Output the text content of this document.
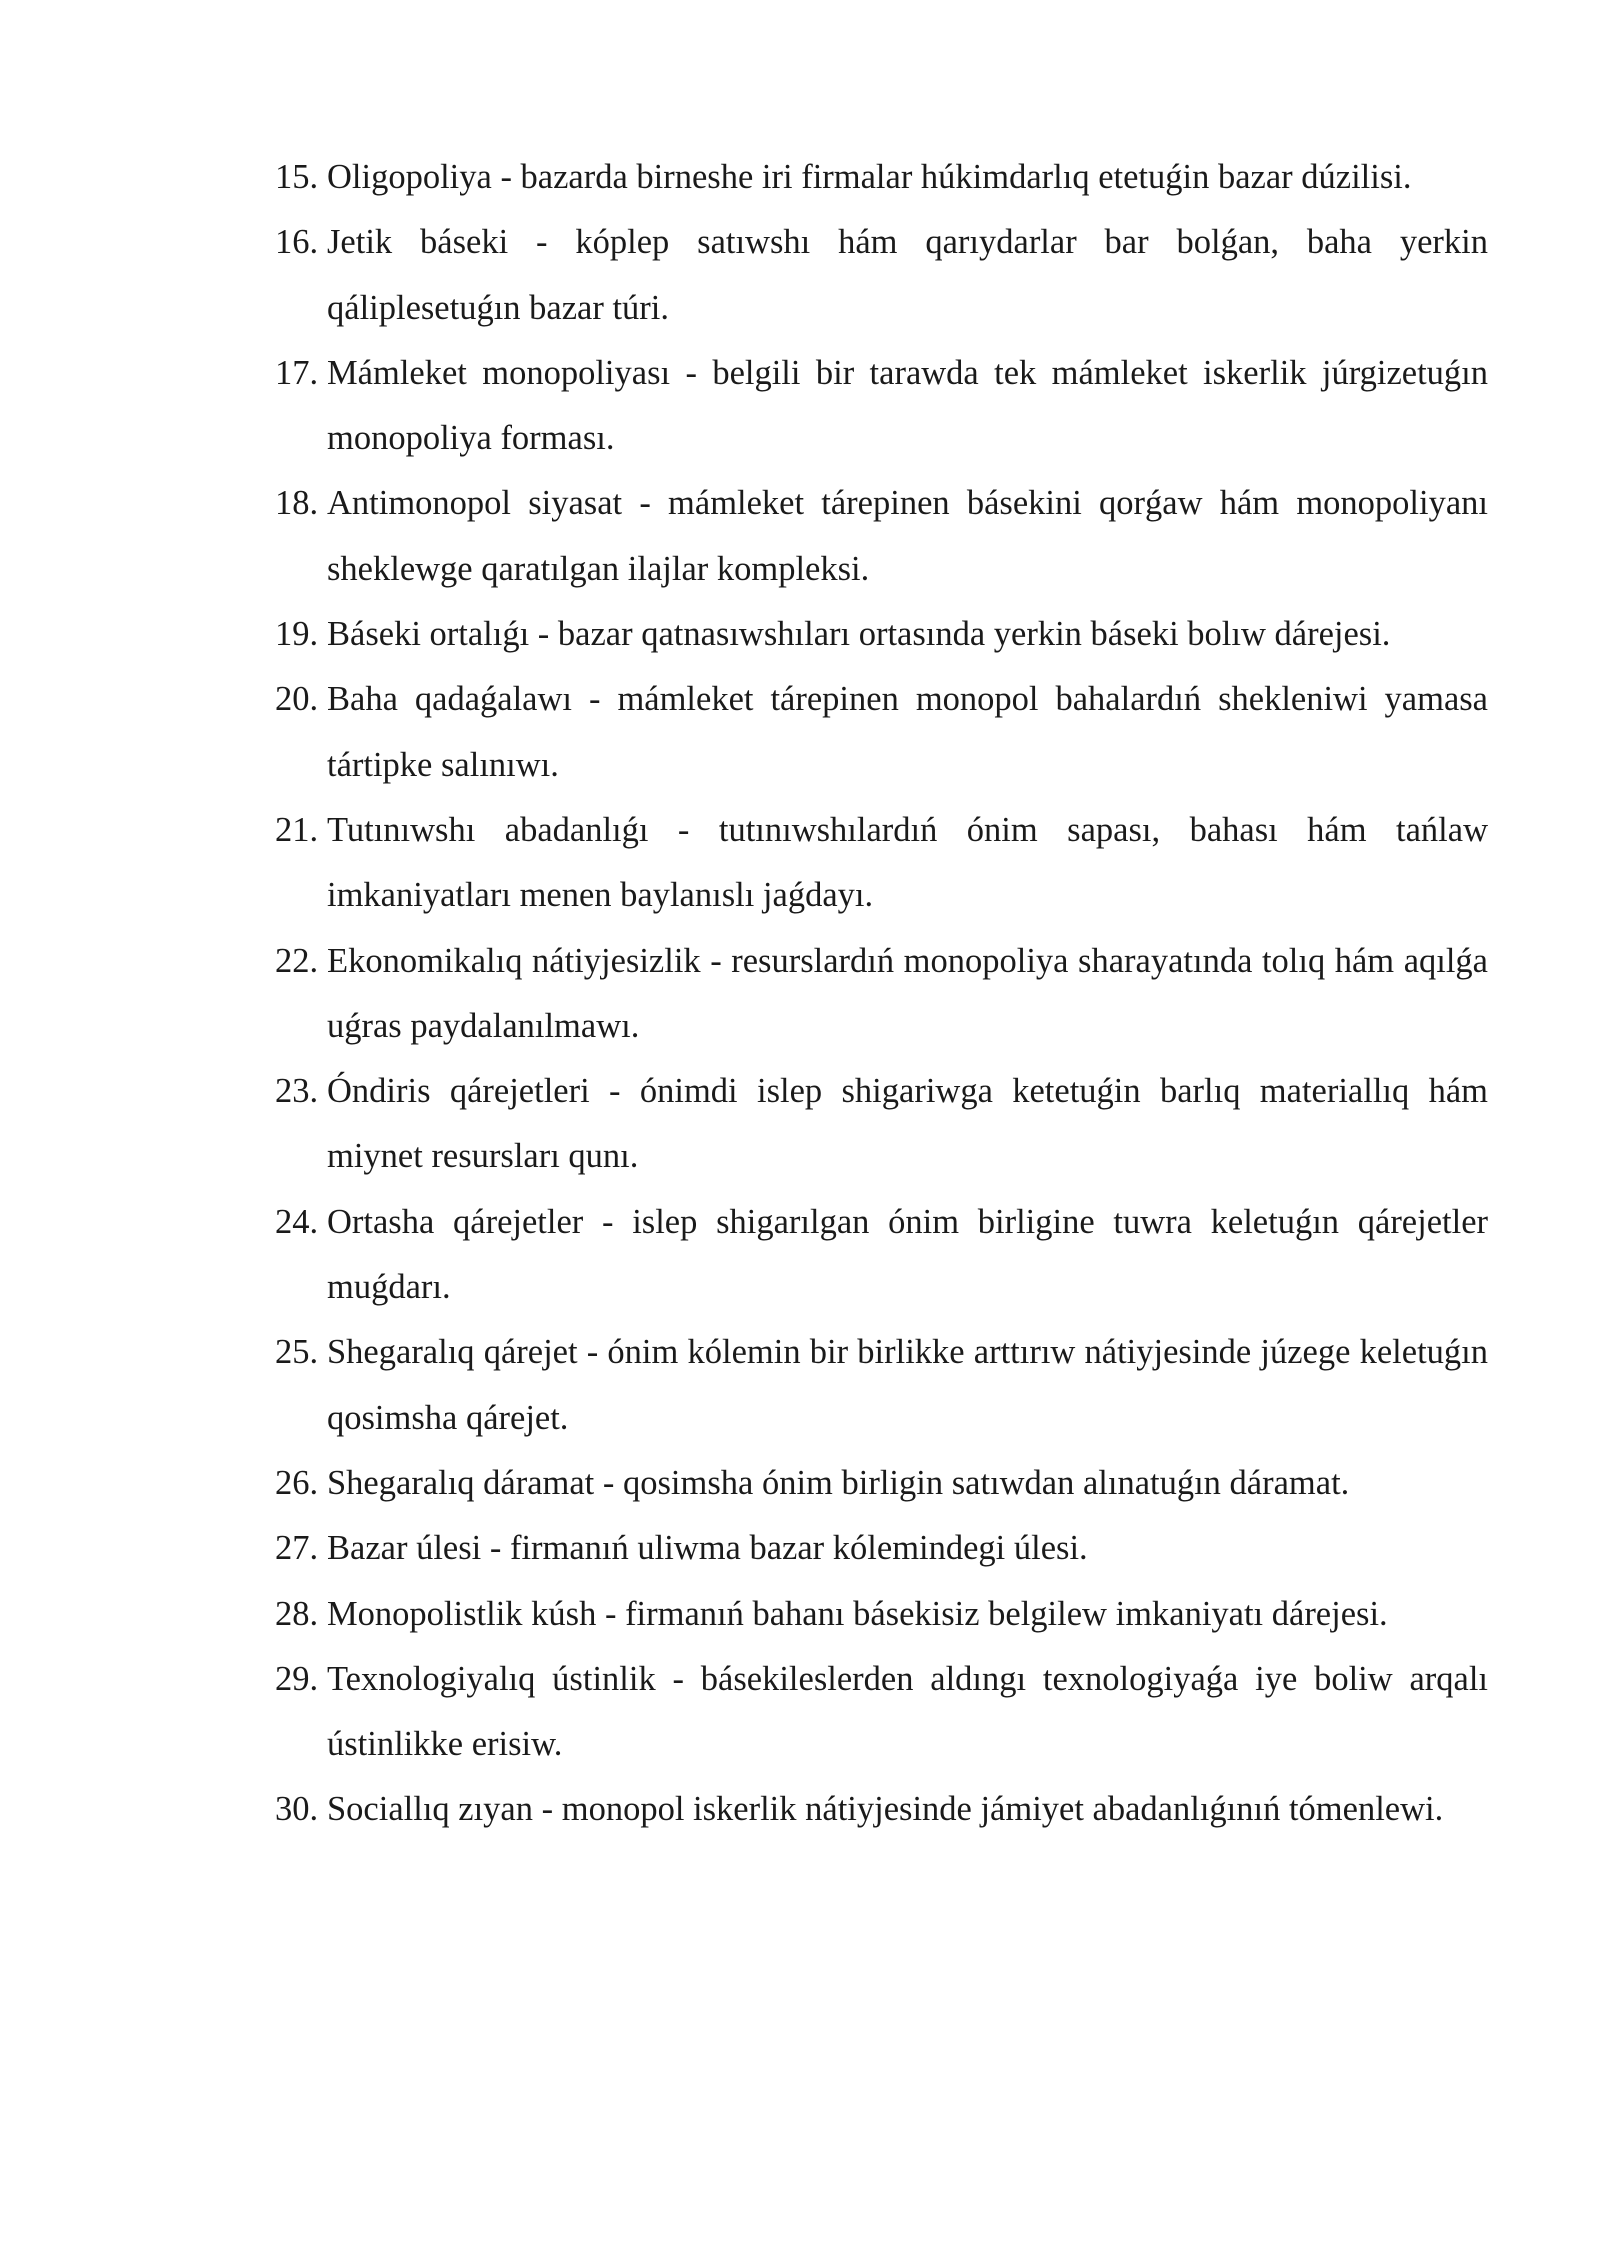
15. Oligopoliya - bazarda birneshe iri firmalar húkimdarlıq etetuǵin bazar dúzilisi.
16. Jetik báseki - kóplep satıwshı hám qarıydarlar bar bolǵan, baha yerkin qáliplesetuǵın bazar túri.
17. Mámleket monopoliyası - belgili bir tarawda tek mámleket iskerlik júrgizetuǵın monopoliya forması.
18. Antimonopol siyasat - mámleket tárepinen básekini qorǵaw hám monopoliyanı sheklewge qaratılgan ilajlar kompleksi.
19. Báseki ortalıǵı - bazar qatnasıwshıları ortasında yerkin báseki bolıw dárejesi.
20. Baha qadaǵalawı - mámleket tárepinen monopol bahalardıń shekleniwi yamasa tártipke salınıwı.
21. Tutınıwshı abadanlıǵı - tutınıwshılardıń ónim sapası, bahası hám tańlaw imkaniyatları menen baylanıslı jaǵdayı.
22. Ekonomikalıq nátiyjesizlik - resurslardıń monopoliya sharayatında tolıq hám aqılǵa uǵras paydalanılmawı.
23. Óndiris qárejetleri - ónimdi islep shigariwga ketetuǵin barlıq materiallıq hám miynet resursları qunı.
24. Ortasha qárejetler - islep shigarılgan ónim birligine tuwra keletuǵın qárejetler muǵdarı.
25. Shegaralıq qárejet - ónim kólemin bir birlikke arttırıw nátiyjesinde júzege keletuǵın qosimsha qárejet.
26. Shegaralıq dáramat - qosimsha ónim birligin satıwdan alınatuǵın dáramat.
27. Bazar úlesi - firmanıń uliwma bazar kólemindegi úlesi.
28. Monopolistlik kúsh - firmanıń bahanı básekisiz belgilew imkaniyatı dárejesi.
29. Texnologiyalıq ústinlik - básekileslerden aldıngı texnologiyaǵa iye boliw arqalı ústinlikke erisiw.
30. Sociallıq zıyan - monopol iskerlik nátiyjesinde jámiyet abadanlıǵınıń tómenlewi.
